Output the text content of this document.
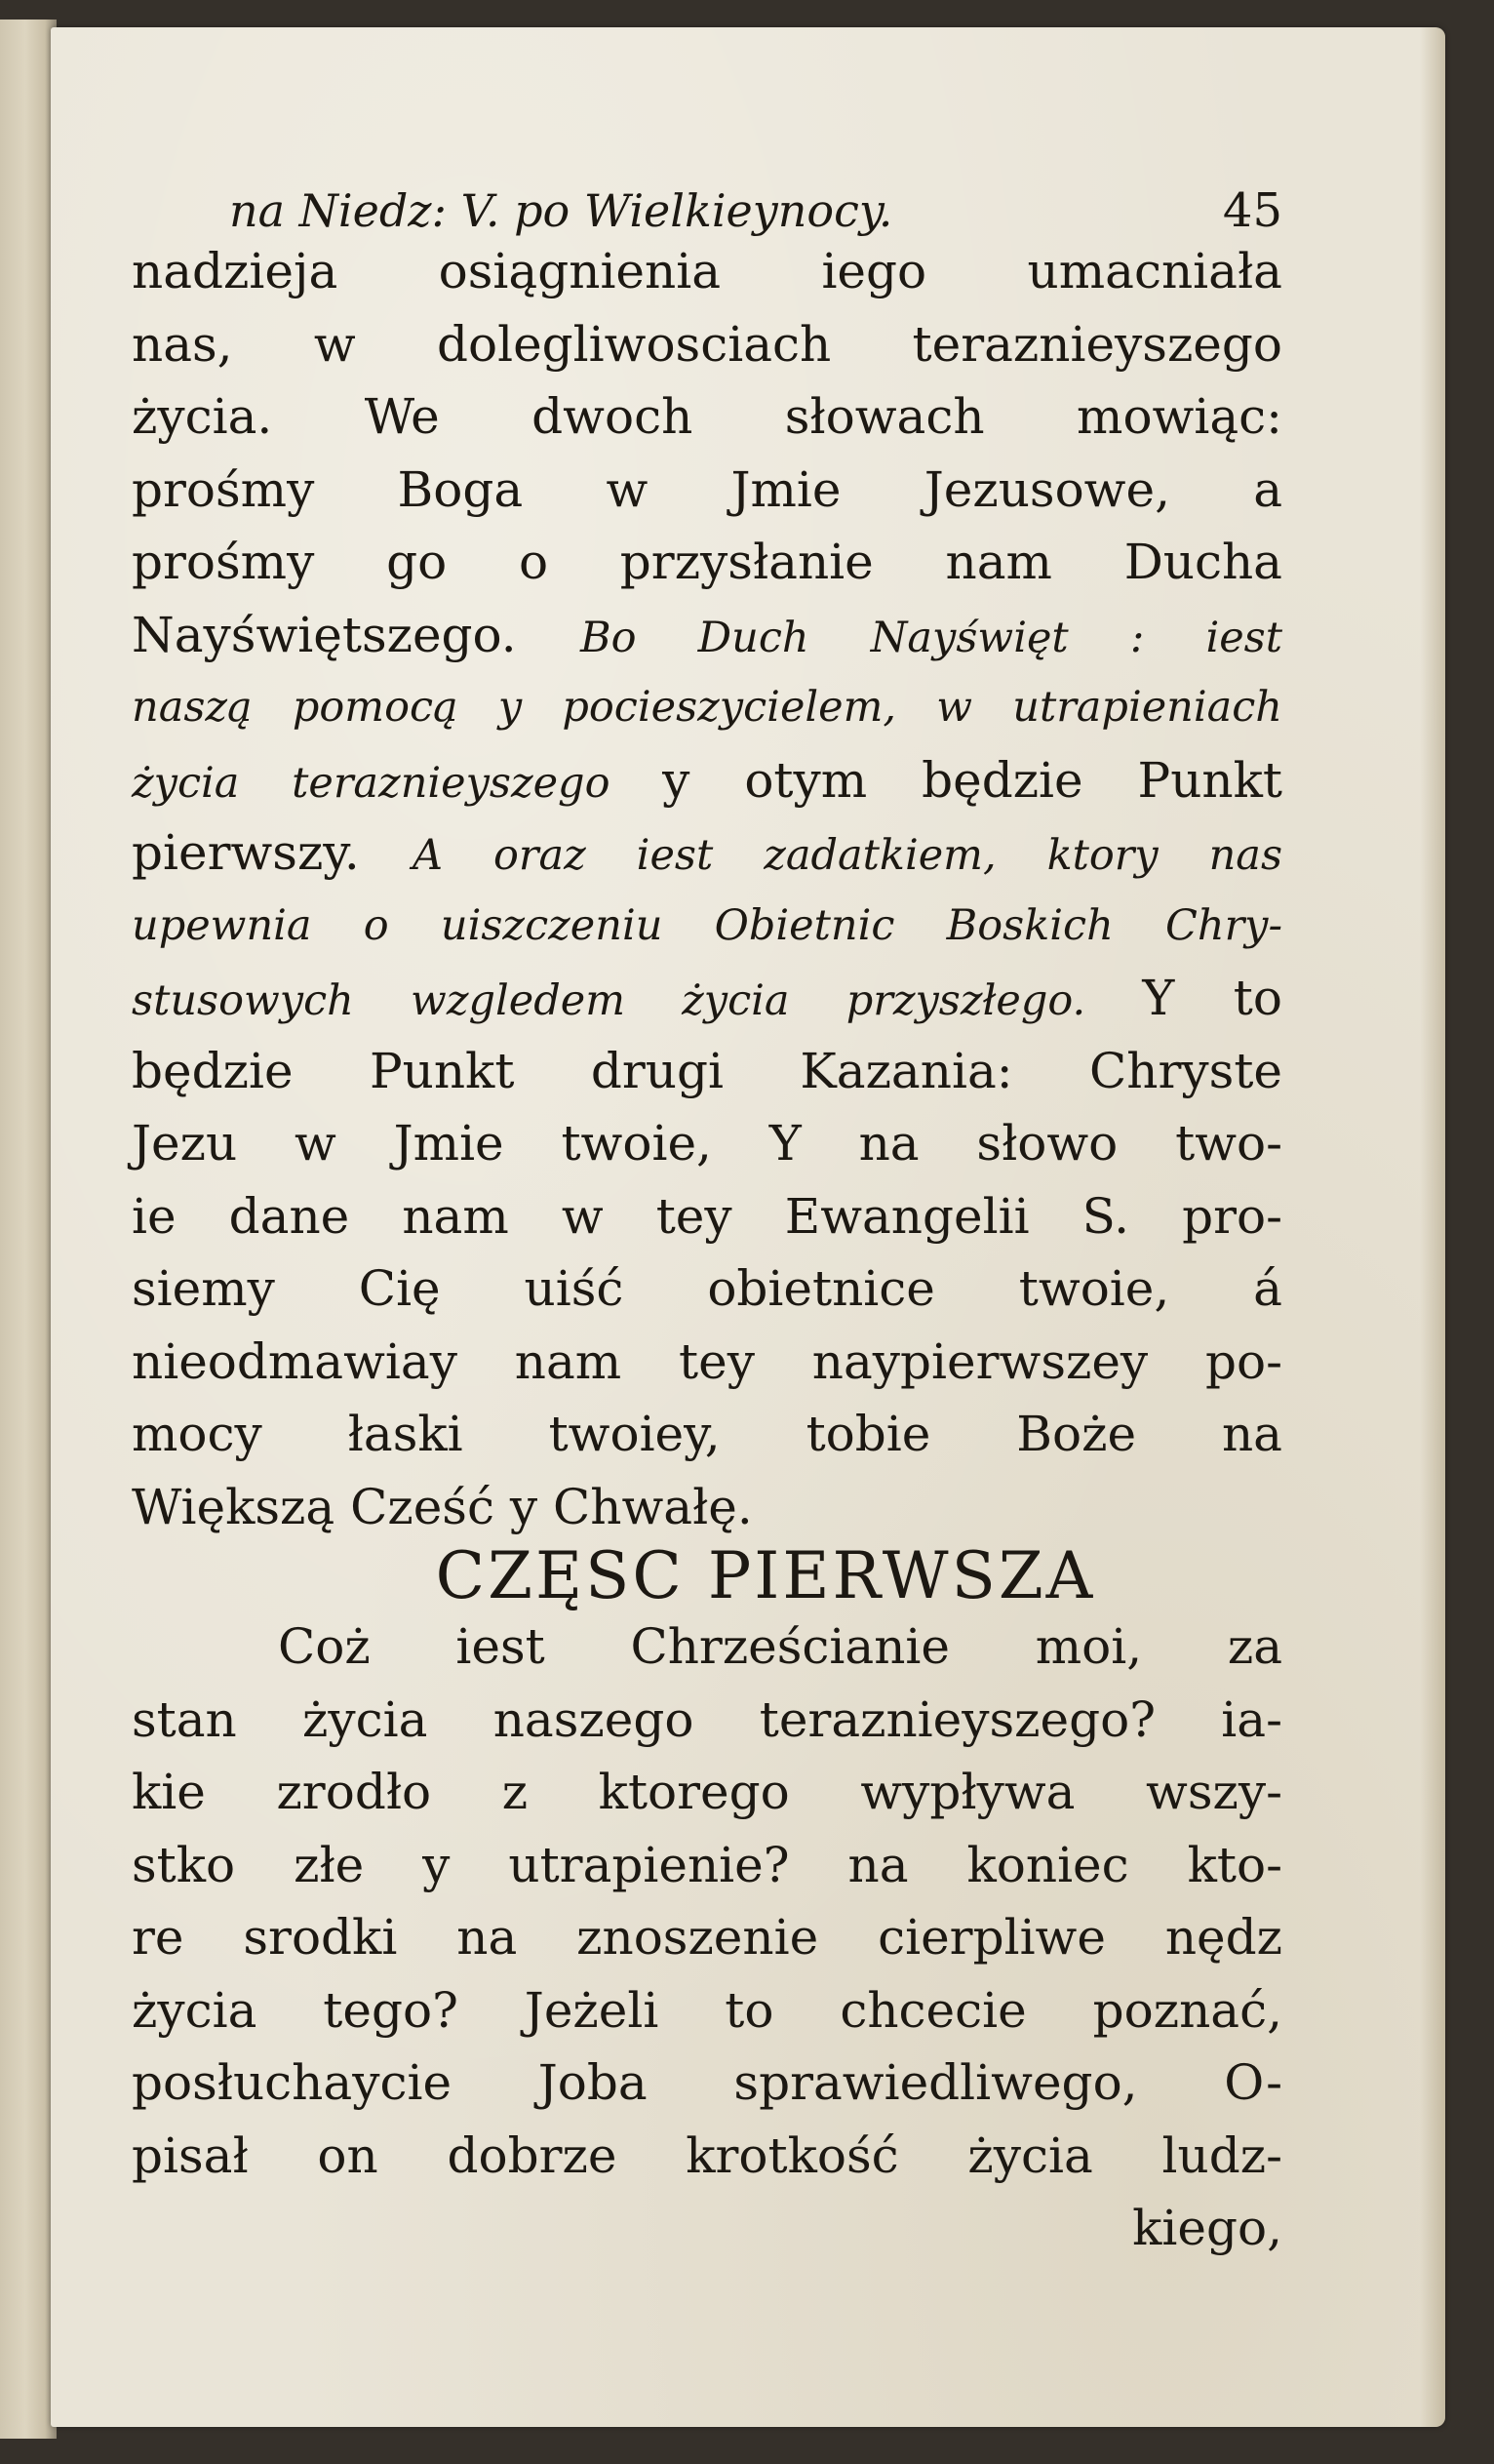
na Niedz: V. po Wielkieynocy.	45
nadzieja osiągnienia iego umacniała
nas, w dolegliwosciach teraznieyszego
życia. We dwoch słowach mowiąc:
prośmy Boga w Jmie Jezusowe, a
prośmy go o przysłanie nam Ducha
Nayświętszego. Bo Duch Nayświęt : iest
naszą pomocą y pocieszycielem, w utrapieniach
życia teraznieyszego y otym będzie Punkt
pierwszy. A oraz iest zadatkiem, ktory nas
upewnia o uiszczeniu Obietnic Boskich Chry-
stusowych wzgledem życia przyszłego. Y to
będzie Punkt drugi Kazania: Chryste
Jezu w Jmie twoie, Y na słowo two-
ie dane nam w tey Ewangelii S. pro-
siemy Cię uiść obietnice twoie, á
nieodmawiay nam tey naypierwszey po-
mocy łaski twoiey, tobie Boże na
Większą Cześć y Chwałę.
CZĘSC PIERWSZA
Coż iest Chrześcianie moi, za
stan życia naszego teraznieyszego? ia-
kie zrodło z ktorego wypływa wszy-
stko złe y utrapienie? na koniec kto-
re srodki na znoszenie cierpliwe nędz
życia tego? Jeżeli to chcecie poznać,
posłuchaycie Joba sprawiedliwego, O-
pisał on dobrze krotkość życia ludz-
kiego,
